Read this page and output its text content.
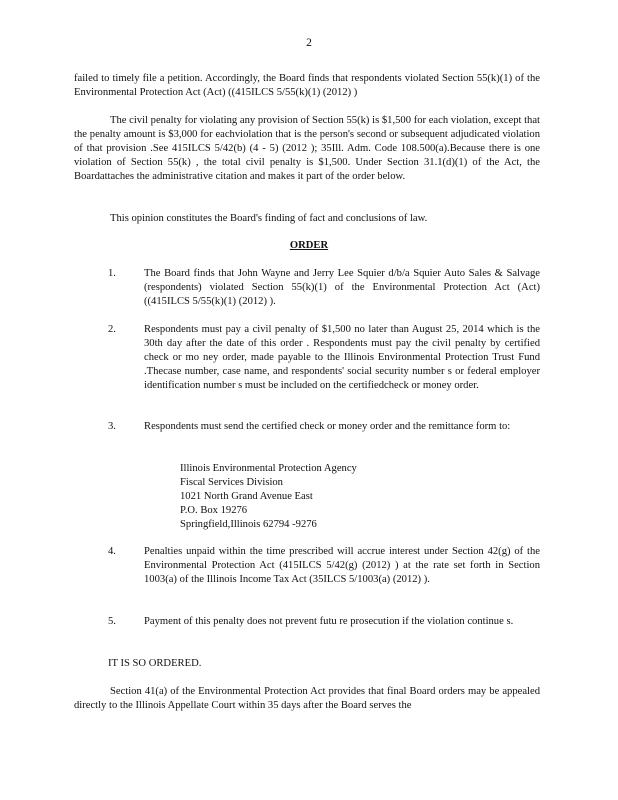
2

failed to timely file a petition. Accordingly, the Board finds that respondents violated Section 55(k)(1) of the Environmental Protection Act (Act) ((415ILCS 5/55(k)(1) (2012) )

The civil penalty for violating any provision of Section 55(k) is $1,500 for each violation, except that the penalty amount is $3,000 for eachviolation that is the person's second or subsequent adjudicated violation of that provision .See 415ILCS 5/42(b) (4 - 5) (2012 ); 35Ill. Adm. Code 108.500(a).Because there is one violation of Section 55(k) , the total civil penalty is $1,500. Under Section 31.1(d)(1) of the Act, the Boardattaches the administrative citation and makes it part of the order below.

This opinion constitutes the Board's finding of fact and conclusions of law.

ORDER
1.	The Board finds that John Wayne and Jerry Lee Squier d/b/a Squier Auto Sales & Salvage (respondents) violated Section 55(k)(1) of the Environmental Protection Act (Act) ((415ILCS 5/55(k)(1) (2012) ).
2.	Respondents must pay a civil penalty of $1,500 no later than August 25, 2014 which is the 30th day after the date of this order . Respondents must pay the civil penalty by certified check or mo ney order, made payable to the Illinois Environmental Protection Trust Fund .Thecase number, case name, and respondents' social security number s or federal employer identification number s must be included on the certifiedcheck or money order.
3.	Respondents must send the certified check or money order and the remittance form to:
Illinois Environmental Protection Agency
Fiscal Services Division
1021 North Grand Avenue East
P.O. Box 19276
Springfield,Illinois 62794 -9276
4.	Penalties unpaid within the time prescribed will accrue interest under Section 42(g) of the Environmental Protection Act (415ILCS 5/42(g) (2012) ) at the rate set forth in Section 1003(a) of the Illinois Income Tax Act (35ILCS 5/1003(a) (2012) ).
5.	Payment of this penalty does not prevent futu re prosecution if the violation continue s.
IT IS SO ORDERED.

Section 41(a) of the Environmental Protection Act provides that final Board orders may be appealed directly to the Illinois Appellate Court within 35 days after the Board serves the
